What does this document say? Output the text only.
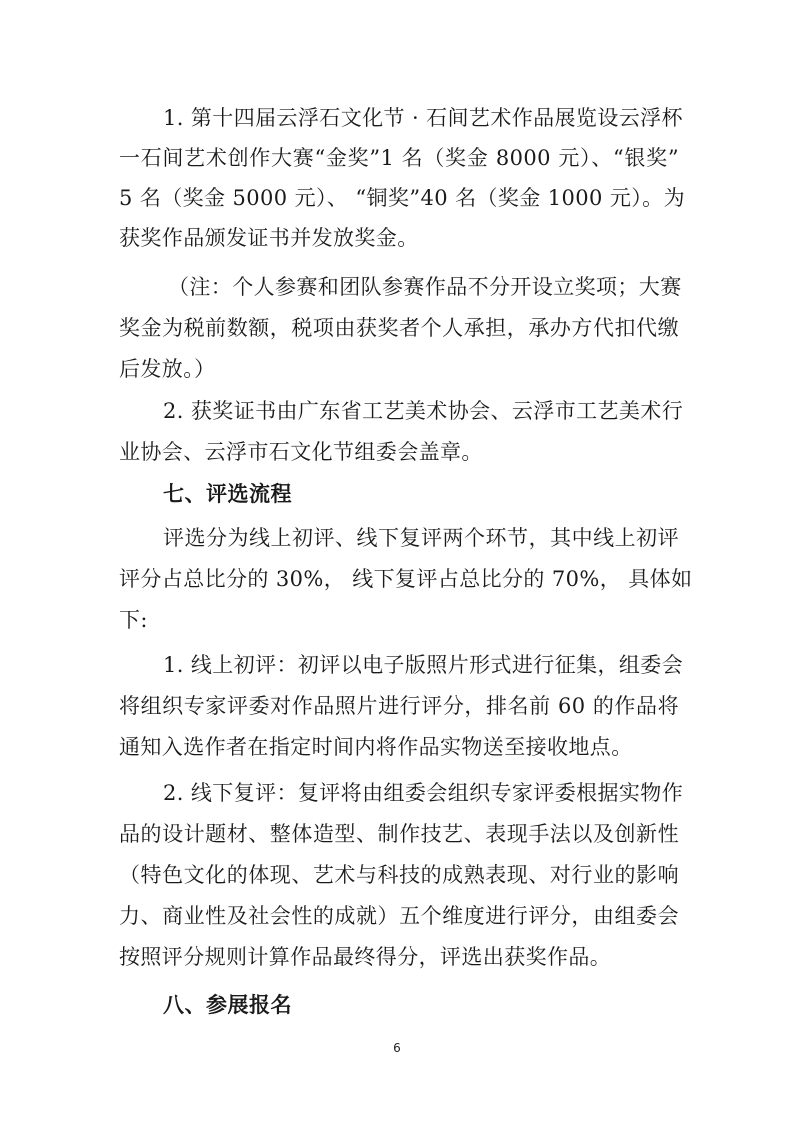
1. 第十四届云浮石文化节 · 石间艺术作品展览设云浮杯
一石间艺术创作大赛“金奖”1 名（奖金 8000 元）、“银奖”
5 名（奖金 5000 元）、 “铜奖”40 名（奖金 1000 元）。为
获奖作品颁发证书并发放奖金。
（注：个人参赛和团队参赛作品不分开设立奖项；大赛
奖金为税前数额，税项由获奖者个人承担，承办方代扣代缴
后发放。）
2. 获奖证书由广东省工艺美术协会、云浮市工艺美术行
业协会、云浮市石文化节组委会盖章。
七、评选流程
评选分为线上初评、线下复评两个环节，其中线上初评
评分占总比分的 30%， 线下复评占总比分的 70%， 具体如
下:
1. 线上初评：初评以电子版照片形式进行征集，组委会
将组织专家评委对作品照片进行评分，排名前 60 的作品将
通知入选作者在指定时间内将作品实物送至接收地点。
2. 线下复评：复评将由组委会组织专家评委根据实物作
品的设计题材、整体造型、制作技艺、表现手法以及创新性
（特色文化的体现、艺术与科技的成熟表现、对行业的影响
力、商业性及社会性的成就）五个维度进行评分，由组委会
按照评分规则计算作品最终得分，评选出获奖作品。
八、参展报名
6
